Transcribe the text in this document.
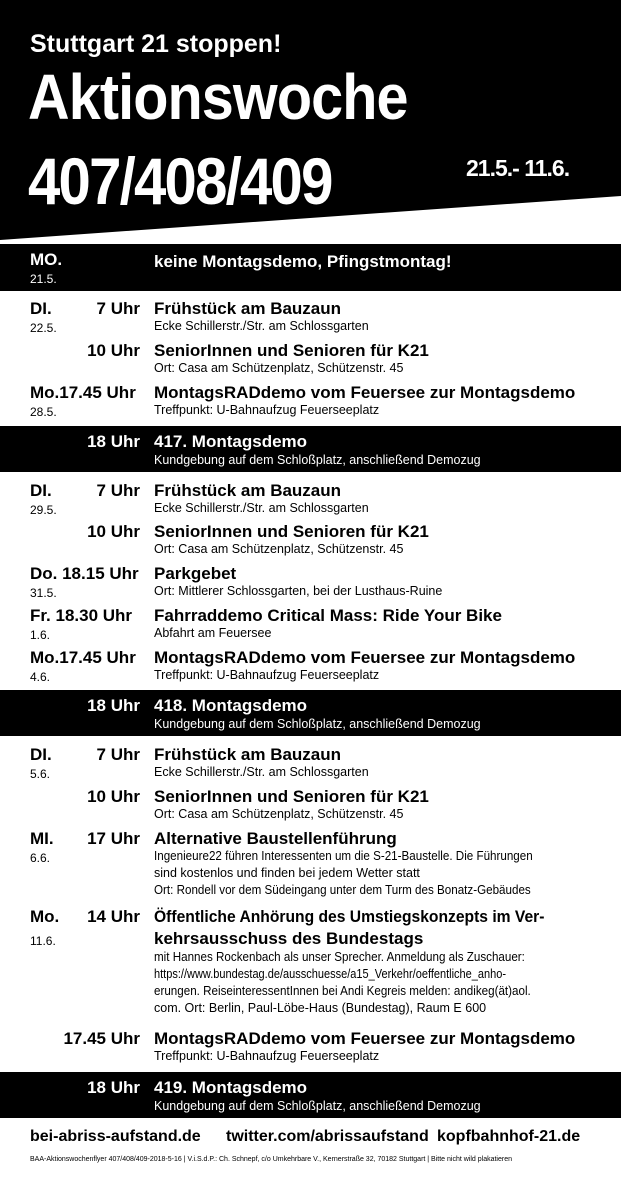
Stuttgart 21 stoppen!
Aktionswoche
407/408/409	21.5.- 11.6.
MO.
21.5.
keine Montagsdemo, Pfingstmontag!
DI.	7 Uhr Frühstück am Bauzaun
22.5.	Ecke Schillerstr./Str. am Schlossgarten
10 Uhr SeniorInnen und Senioren für K21
Ort: Casa am Schützenplatz, Schützenstr. 45
Mo.17.45 Uhr MontagsRADdemo vom Feuersee zur Montagsdemo
28.5.	Treffpunkt: U-Bahnaufzug Feuerseeplatz
18 Uhr 417. Montagsdemo
Kundgebung auf dem Schloßplatz, anschließend Demozug
DI.	7 Uhr Frühstück am Bauzaun
29.5.	Ecke Schillerstr./Str. am Schlossgarten
10 Uhr SeniorInnen und Senioren für K21
Ort: Casa am Schützenplatz, Schützenstr. 45
Do. 18.15 Uhr Parkgebet
31.5.	Ort: Mittlerer Schlossgarten, bei der Lusthaus-Ruine
Fr. 18.30 Uhr Fahrraddemo Critical Mass: Ride Your Bike
1.6.	Abfahrt am Feuersee
Mo.17.45 Uhr MontagsRADdemo vom Feuersee zur Montagsdemo
4.6.	Treffpunkt: U-Bahnaufzug Feuerseeplatz
18 Uhr 418. Montagsdemo
Kundgebung auf dem Schloßplatz, anschließend Demozug
DI.	7 Uhr Frühstück am Bauzaun
5.6.	Ecke Schillerstr./Str. am Schlossgarten
10 Uhr SeniorInnen und Senioren für K21
Ort: Casa am Schützenplatz, Schützenstr. 45
MI. 17 Uhr Alternative Baustellenführung
6.6.	Ingenieure22 führen Interessenten um die S-21-Baustelle. Die Führungen
sind kostenlos und finden bei jedem Wetter statt
Ort: Rondell vor dem Südeingang unter dem Turm des Bonatz-Gebäudes
Mo. 14 Uhr Öffentliche Anhörung des Umstiegskonzepts im Ver-
kehrsausschuss des Bundestags
11.6.
mit Hannes Rockenbach als unser Sprecher. Anmeldung als Zuschauer:
https://www.bundestag.de/ausschuesse/a15_Verkehr/oeffentliche_anho-
erungen. ReiseinteressentInnen bei Andi Kegreis melden: andikeg(ät)aol.
com. Ort: Berlin, Paul-Löbe-Haus (Bundestag), Raum E 600
17.45 Uhr MontagsRADdemo vom Feuersee zur Montagsdemo
Treffpunkt: U-Bahnaufzug Feuerseeplatz
18 Uhr 419. Montagsdemo
Kundgebung auf dem Schloßplatz, anschließend Demozug
bei-abriss-aufstand.de twitter.com/abrissaufstand kopfbahnhof-21.de
BAA-Aktionswochenflyer 407/408/409-2018-5-16 | V.i.S.d.P.: Ch. Schnepf, c/o Umkehrbare V., Kernerstraße 32, 70182 Stuttgart | Bitte nicht wild plakatieren
